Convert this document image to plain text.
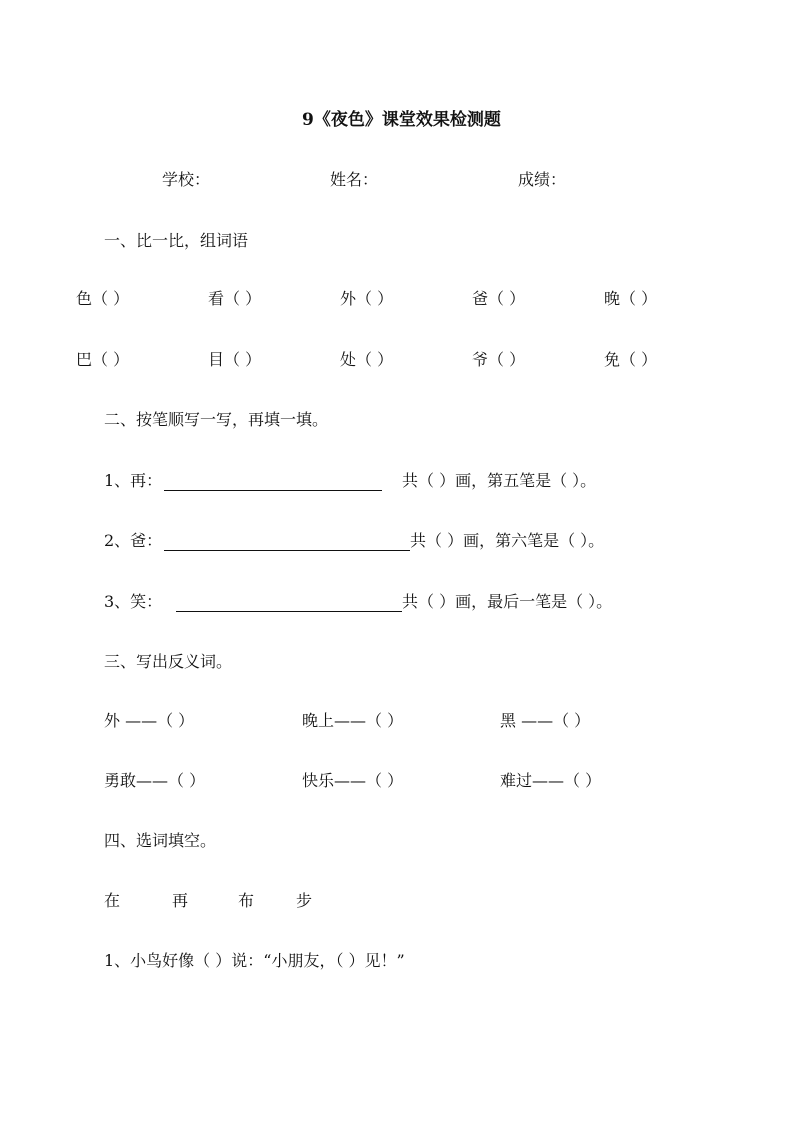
9《夜色》课堂效果检测题
学校：	姓名：	成绩：
一、比一比，组词语
色（ ）	看（ ）	外（ ）	爸（ ）	晚（ ）
巴（ ）	目（ ）	处（ ）	爷（ ）	免（ ）
二、按笔顺写一写，再填一填。
1、再：	共（ ）画，第五笔是（ ）。
2、爸：	共（ ）画，第六笔是（ ）。
3、笑：	共（ ）画，最后一笔是（ ）。
三、写出反义词。
外 ——（ ）	晚上——（ ）	黑 ——（ ）
勇敢——（ ）	快乐——（ ）	难过——（ ）
四、选词填空。
在	再	布	步
1、小鸟好像（ ）说：“小朋友，（ ）见！”
